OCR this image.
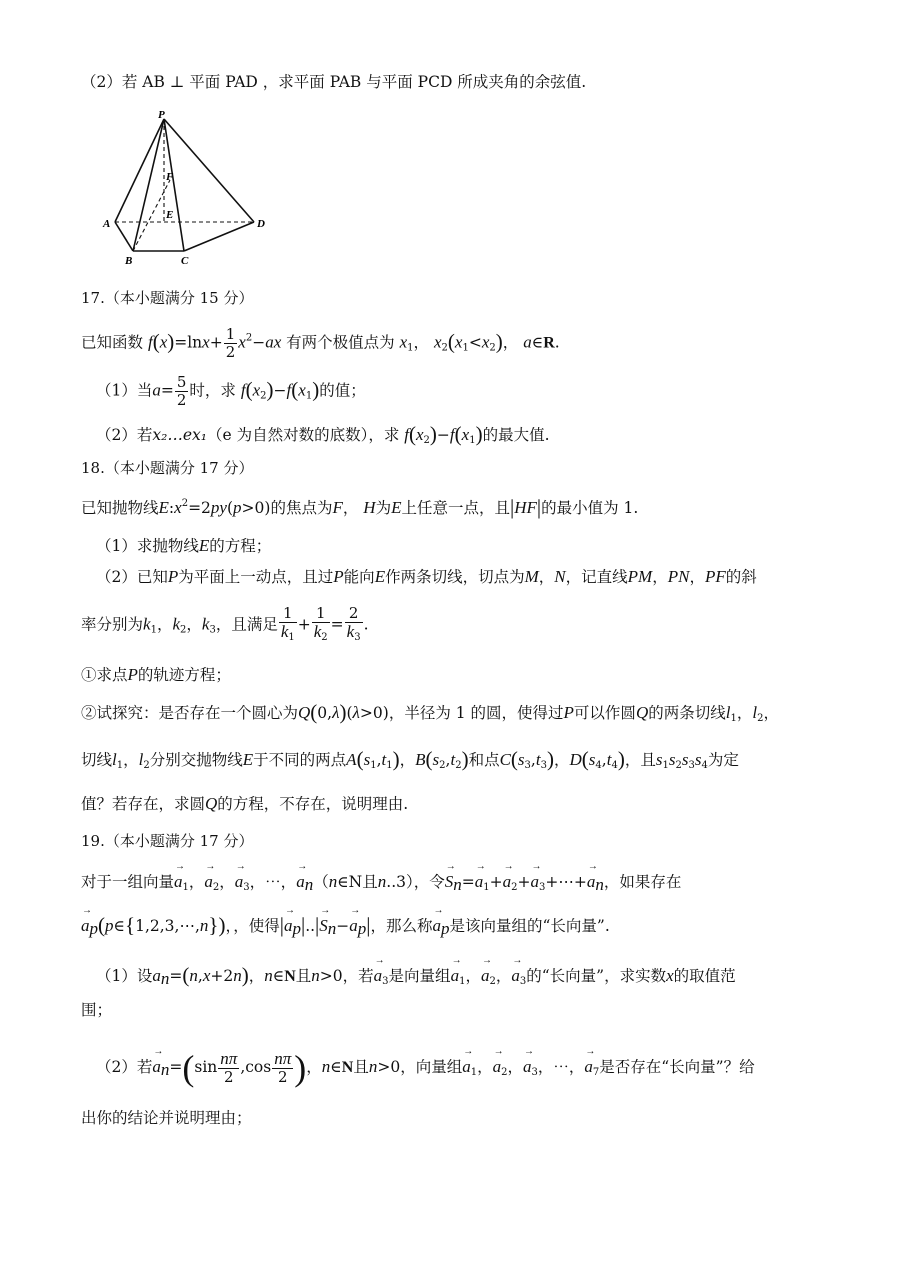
（2）若 AB ⊥ 平面 PAD ，求平面 PAB 与平面 PCD 所成夹角的余弦值.
P
F
E
A
B	C
D
17.（本小题满分 15 分）
已知函数 $f(x)=\ln x+ \frac{1}{2} x^2-ax$ 有两个极值点为 $x_1$， $x_2(x_1<x_2)$， a∈R.
（1）当$a= \frac{5}{2}$ 时，求 $f(x_2)-f(x_1)$的值；
（2）若x₂…ex₁（e 为自然对数的底数），求 $f(x_2)-f(x_1)$的最大值.
18.（本小题满分 17 分）
已知抛物线$E:x^2=2py(p>0)$的焦点为F， H为E上任意一点，且|HF|的最小值为 1.
（1）求抛物线E的方程；
（2）已知P为平面上一动点，且过P能向E作两条切线，切点为M，N，记直线PM，PN，PF的斜
率分别为$k_1$，$k_2$，$k_3$，且满足 $\frac{1}{k_1} + \frac{1}{k_2} = \frac{2}{k_3}$ .
①求点P的轨迹方程；
②试探究：是否存在一个圆心为Q(0,λ)(λ>0)，半径为 1 的圆，使得过P可以作圆Q的两条切线$l_1$，$l_2$，
切线$l_1$，$l_2$分别交抛物线E于不同的两点$A(s_1,t_1)$，$B(s_2,t_2)$和点$C(s_3,t_3)$，$D(s_4,t_4)$，且$s_1s_2s_3s_4$为定
值？若存在，求圆Q的方程，不存在，说明理由.
19.（本小题满分 17 分）
对于一组向量→ $a_1$，→ $a_2$，→ $a_3$，⋯，→ $a_n(n\in N$且n..3），令→ $S_n=\to a_1+\to a_2+\to$ $a_3+\cdots+\to a_n$，如果存在
→ $a_p(p\in\{1,2,3,\cdots,n\})$，，使得|→ $a_p|..|\to S_n-\to a_p|$，那么称→ $a_p$是该向量组的“长向量”.
（1）设$a_n=(n,x+2n)$，n∈N且n>0，若→ $a_3$是向量组→ $a_1$，→ $a_2$，→ $a_3$的“长向量”，求实数x的取值范
围；
（2）若→ $a_n=(\sin \frac{n\pi}{2} ,\cos \frac{n\pi}{2}$ )，n∈N且n>0，向量组→ $a_1$，→ $a_2$，→ $a_3$，⋯，→ $a_7$是否存在“长向量”？给
出你的结论并说明理由；
